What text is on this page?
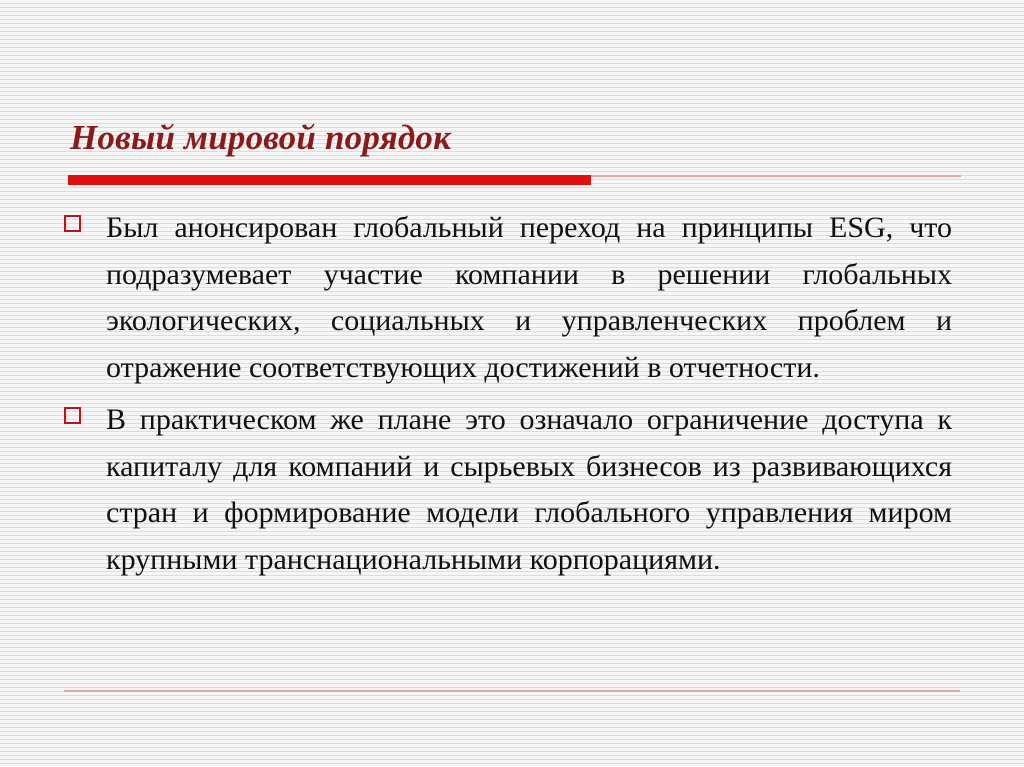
Новый мировой порядок
Был анонсирован глобальный переход на принципы ESG, что подразумевает участие компании в решении глобальных экологических, социальных и управленческих проблем и отражение соответствующих достижений в отчетности.
В практическом же плане это означало ограничение доступа к капиталу для компаний и сырьевых бизнесов из развивающихся стран и формирование модели глобального управления миром крупными транснациональными корпорациями.
